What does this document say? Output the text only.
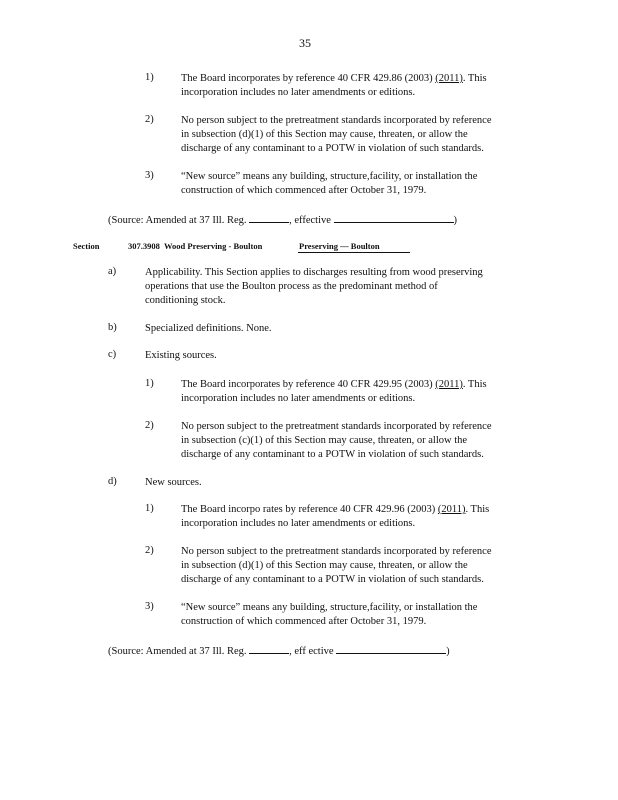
35
1)	The Board incorporates by reference 40 CFR 429.86 (2003) (2011). This
incorporation includes no later amendments or editions.
2)	No person subject to the pretreatment standards incorporated by reference
in subsection (d)(1) of this Section may cause, threaten, or allow the
discharge of any contaminant to a POTW in violation of such standards.
3)	“New source” means any building, structure,facility, or installation the
construction of which commenced after October 31, 1979.
(Source: Amended at 37 Ill. Reg.	, effective	)
Section	307.3908 Wood Preserving - Boulton	Preserving — Boulton
a)	Applicability. This Section applies to discharges resulting from wood preserving
operations that use the Boulton process as the predominant method of
conditioning stock.
b)	Specialized definitions. None.
c)	Existing sources.
1)	The Board incorporates by reference 40 CFR 429.95 (2003) (2011). This
incorporation includes no later amendments or editions.
2)	No person subject to the pretreatment standards incorporated by reference
in subsection (c)(1) of this Section may cause, threaten, or allow the
discharge of any contaminant to a POTW in violation of such standards.
d)	New sources.
1)	The Board incorpo rates by reference 40 CFR 429.96 (2003) (2011). This
incorporation includes no later amendments or editions.
2)	No person subject to the pretreatment standards incorporated by reference
in subsection (d)(1) of this Section may cause, threaten, or allow the
discharge of any contaminant to a POTW in violation of such standards.
3)	“New source” means any building, structure,facility, or installation the
construction of which commenced after October 31, 1979.
(Source: Amended at 37 Ill. Reg.	, eff ective	)
